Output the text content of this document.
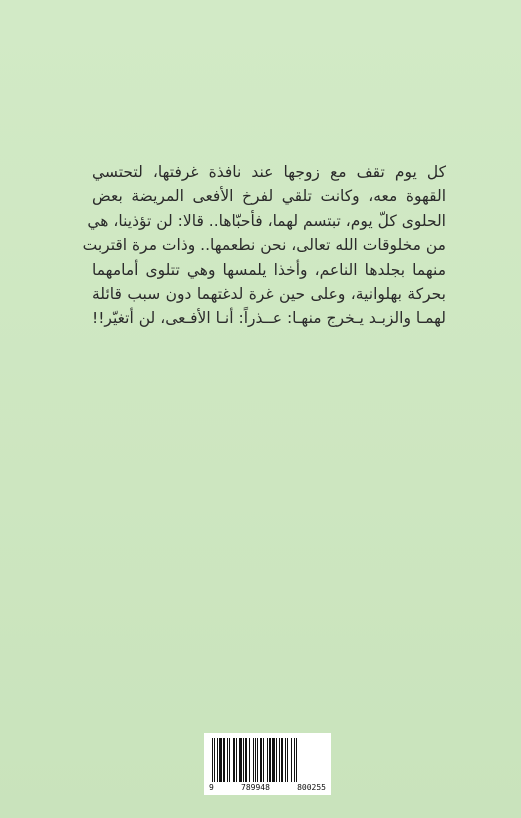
كل يوم تقف مع زوجها عند نافذة غرفتها، لتحتسي
القهوة معه، وكانت تلقي لفرخ الأفعى المريضة بعض
الحلوى كلّ يوم، تبتسم لهما، فأحبّاها.. قالا: لن تؤذينا، هي
من مخلوقات الله تعالى، نحن نطعمها.. وذات مرة اقتربت
منهما بجلدها الناعم، وأخذا يلمسها وهي تتلوى أمامهما
بحركة بهلوانية، وعلى حين غرة لدغتهما دون سبب قائلة
لهمـا والزبـد يـخرج منهـا: عــذراً: أنـا الأفـعى، لن أتغيّر!!
9	789948	800255
